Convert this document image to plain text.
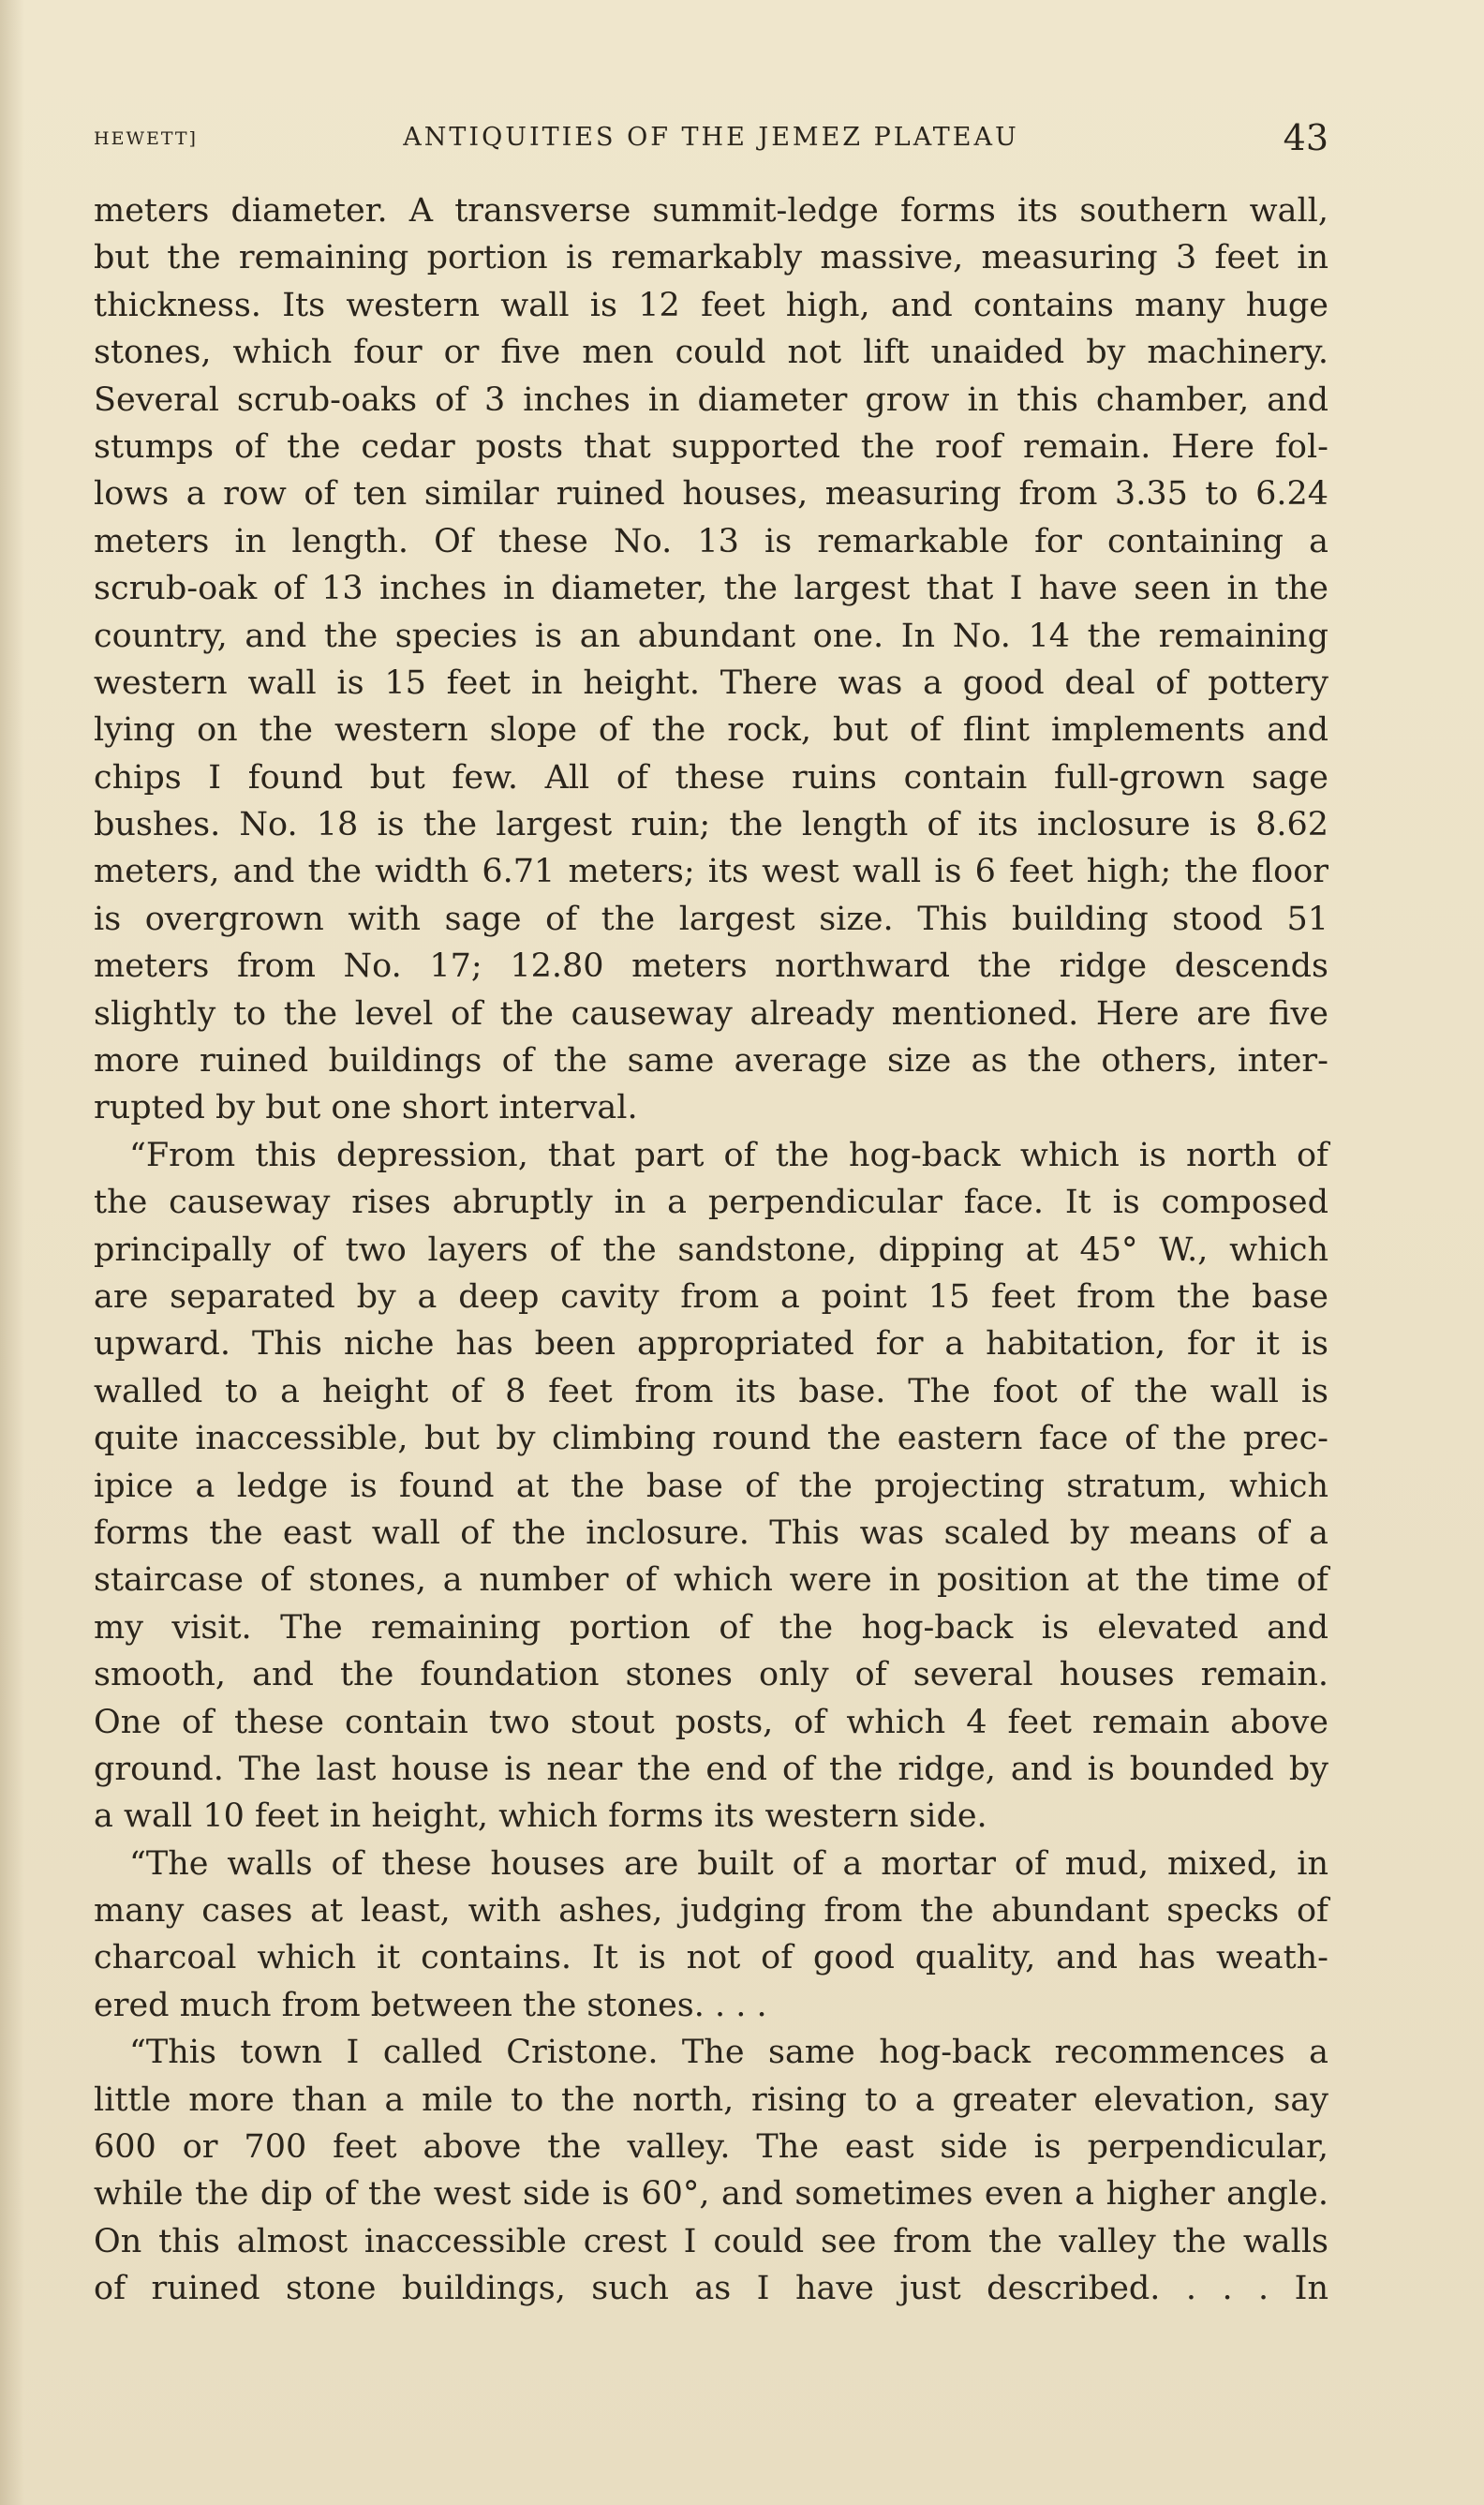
HEWETT]	ANTIQUITIES OF THE JEMEZ PLATEAU	43
meters diameter. A transverse summit-ledge forms its southern wall,
but the remaining portion is remarkably massive, measuring 3 feet in
thickness. Its western wall is 12 feet high, and contains many huge
stones, which four or five men could not lift unaided by machinery.
Several scrub-oaks of 3 inches in diameter grow in this chamber, and
stumps of the cedar posts that supported the roof remain. Here fol-
lows a row of ten similar ruined houses, measuring from 3.35 to 6.24
meters in length. Of these No. 13 is remarkable for containing a
scrub-oak of 13 inches in diameter, the largest that I have seen in the
country, and the species is an abundant one. In No. 14 the remaining
western wall is 15 feet in height. There was a good deal of pottery
lying on the western slope of the rock, but of flint implements and
chips I found but few. All of these ruins contain full-grown sage
bushes. No. 18 is the largest ruin; the length of its inclosure is 8.62
meters, and the width 6.71 meters; its west wall is 6 feet high; the floor
is overgrown with sage of the largest size. This building stood 51
meters from No. 17; 12.80 meters northward the ridge descends
slightly to the level of the causeway already mentioned. Here are five
more ruined buildings of the same average size as the others, inter-
rupted by but one short interval.
“From this depression, that part of the hog-back which is north of
the causeway rises abruptly in a perpendicular face. It is composed
principally of two layers of the sandstone, dipping at 45° W., which
are separated by a deep cavity from a point 15 feet from the base
upward. This niche has been appropriated for a habitation, for it is
walled to a height of 8 feet from its base. The foot of the wall is
quite inaccessible, but by climbing round the eastern face of the prec-
ipice a ledge is found at the base of the projecting stratum, which
forms the east wall of the inclosure. This was scaled by means of a
staircase of stones, a number of which were in position at the time of
my visit. The remaining portion of the hog-back is elevated and
smooth, and the foundation stones only of several houses remain.
One of these contain two stout posts, of which 4 feet remain above
ground. The last house is near the end of the ridge, and is bounded by
a wall 10 feet in height, which forms its western side.
“The walls of these houses are built of a mortar of mud, mixed, in
many cases at least, with ashes, judging from the abundant specks of
charcoal which it contains. It is not of good quality, and has weath-
ered much from between the stones. . . .
“This town I called Cristone. The same hog-back recommences a
little more than a mile to the north, rising to a greater elevation, say
600 or 700 feet above the valley. The east side is perpendicular,
while the dip of the west side is 60°, and sometimes even a higher angle.
On this almost inaccessible crest I could see from the valley the walls
of ruined stone buildings, such as I have just described. . . . In
